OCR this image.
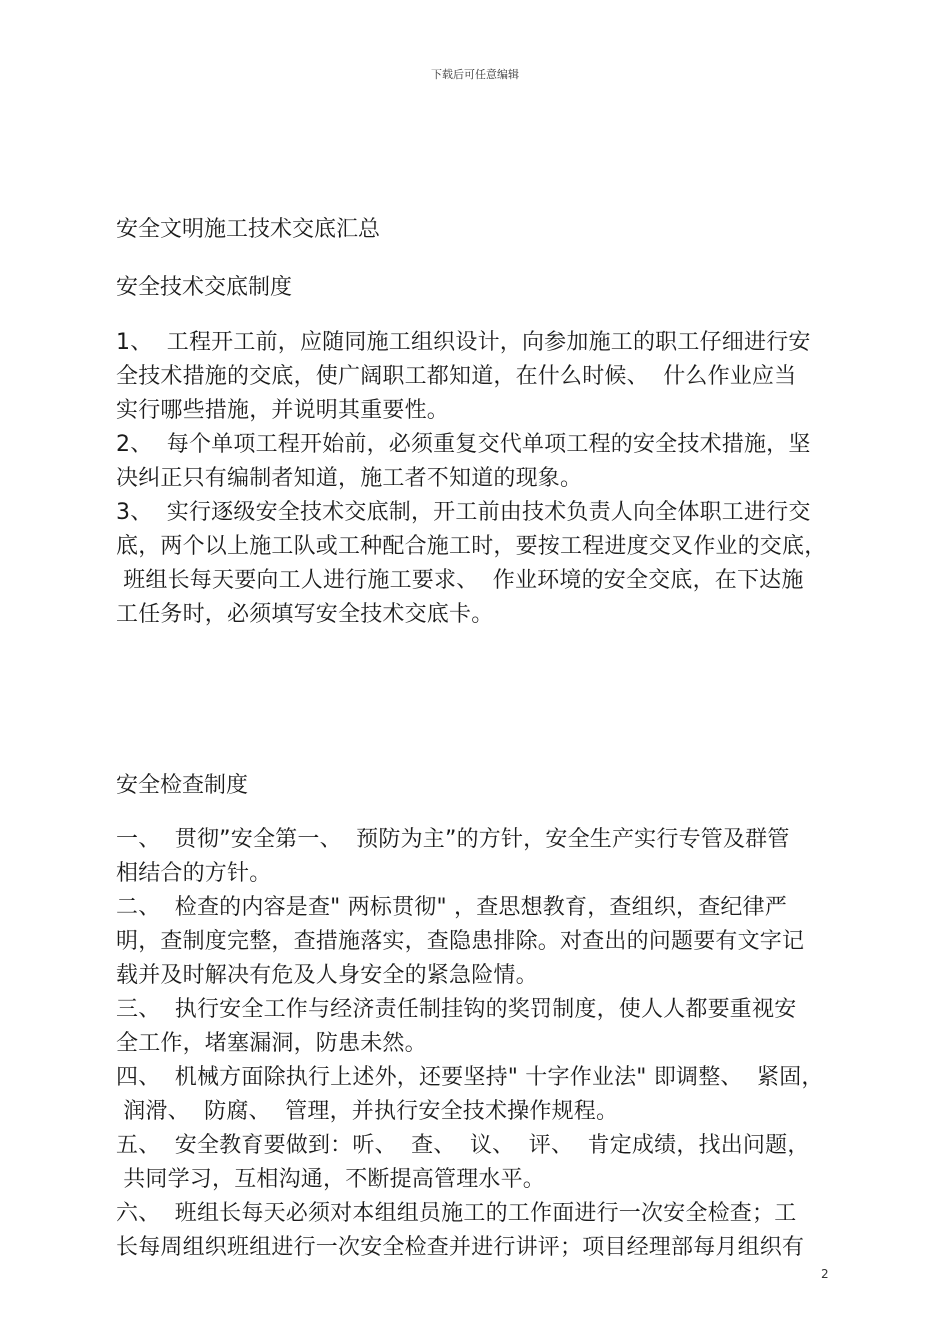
下载后可任意编辑
安全文明施工技术交底汇总
安全技术交底制度
1、  工程开工前，应随同施工组织设计，向参加施工的职工仔细进行安
全技术措施的交底，使广阔职工都知道，在什么时候、  什么作业应当
实行哪些措施，并说明其重要性。
2、  每个单项工程开始前，必须重复交代单项工程的安全技术措施，坚
决纠正只有编制者知道，施工者不知道的现象。
3、  实行逐级安全技术交底制，开工前由技术负责人向全体职工进行交
底，两个以上施工队或工种配合施工时，要按工程进度交叉作业的交底，
班组长每天要向工人进行施工要求、  作业环境的安全交底，在下达施
工任务时，必须填写安全技术交底卡。
安全检查制度
一、  贯彻”安全第一、  预防为主”的方针，安全生产实行专管及群管
相结合的方针。
二、  检查的内容是查" 两标贯彻" ，查思想教育，查组织，查纪律严
明，查制度完整，查措施落实，查隐患排除。对查出的问题要有文字记
载并及时解决有危及人身安全的紧急险情。
三、  执行安全工作与经济责任制挂钩的奖罚制度，使人人都要重视安
全工作，堵塞漏洞，防患未然。
四、  机械方面除执行上述外，还要坚持" 十字作业法" 即调整、  紧固，
润滑、  防腐、  管理，并执行安全技术操作规程。
五、  安全教育要做到：听、  查、  议、  评、  肯定成绩，找出问题，
共同学习，互相沟通，不断提高管理水平。
六、  班组长每天必须对本组组员施工的工作面进行一次安全检查；工
长每周组织班组进行一次安全检查并进行讲评；项目经理部每月组织有
2
